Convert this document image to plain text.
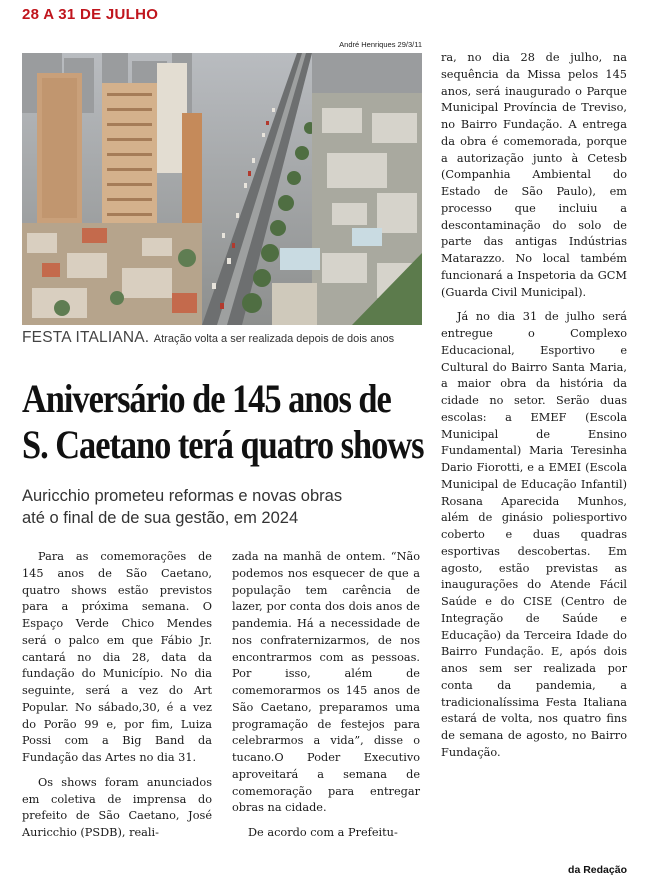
28 A 31 DE JULHO
André Henriques 29/3/11
FESTA ITALIANA. Atração volta a ser realizada depois de dois anos
Aniversário de 145 anos de
S. Caetano terá quatro shows
Auricchio prometeu reformas e novas obras
até o final de de sua gestão, em 2024

Para as comemorações de 145 anos de São Caetano, quatro shows estão previstos para a próxima semana. O Espaço Verde Chico Mendes será o palco em que Fábio Jr. cantará no dia 28, data da fundação do Município. No dia seguinte, será a vez do Art Popular. No sábado,30, é a vez do Porão 99 e, por fim, Luiza Possi com a Big Band da Fundação das Artes no dia 31.

Os shows foram anunciados em coletiva de imprensa do prefeito de São Caetano, José Auricchio (PSDB), reali-

zada na manhã de ontem. “Não podemos nos esquecer de que a população tem carência de lazer, por conta dos dois anos de pandemia. Há a necessidade de nos confraternizarmos, de nos encontrarmos com as pessoas. Por isso, além de comemorarmos os 145 anos de São Caetano, preparamos uma programação de festejos para celebrarmos a vida”, disse o tucano.O Poder Executivo aproveitará a semana de comemoração para entregar obras na cidade.

De acordo com a Prefeitu-

ra, no dia 28 de julho, na sequência da Missa pelos 145 anos, será inaugurado o Parque Municipal Província de Treviso, no Bairro Fundação. A entrega da obra é comemorada, porque a autorização junto à Cetesb (Companhia Ambiental do Estado de São Paulo), em processo que incluiu a descontaminação do solo de parte das antigas Indústrias Matarazzo. No local também funcionará a Inspetoria da GCM (Guarda Civil Municipal).

Já no dia 31 de julho será entregue o Complexo Educacional, Esportivo e Cultural do Bairro Santa Maria, a maior obra da história da cidade no setor. Serão duas escolas: a EMEF (Escola Municipal de Ensino Fundamental) Maria Teresinha Dario Fiorotti, e a EMEI (Escola Municipal de Educação Infantil) Rosana Aparecida Munhos, além de ginásio poliesportivo coberto e duas quadras esportivas descobertas. Em agosto, estão previstas as inaugurações do Atende Fácil Saúde e do CISE (Centro de Integração de Saúde e Educação) da Terceira Idade do Bairro Fundação. E, após dois anos sem ser realizada por conta da pandemia, a tradicionalíssima Festa Italiana estará de volta, nos quatro fins de semana de agosto, no Bairro Fundação.

da Redação
